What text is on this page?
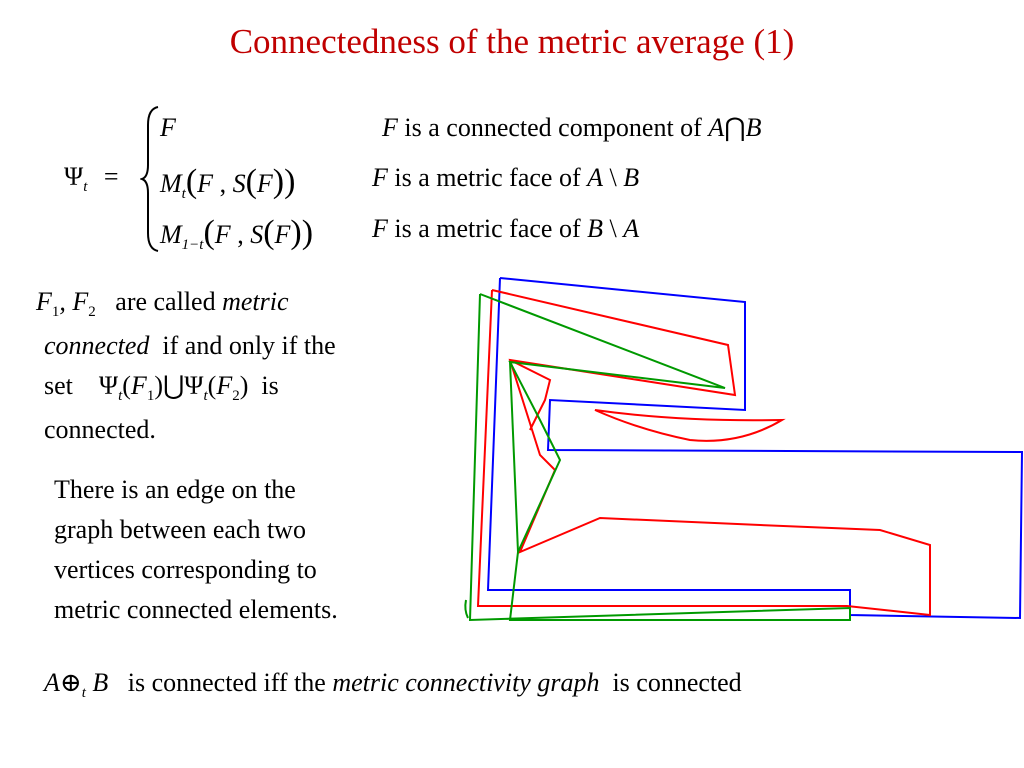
Connectedness of the metric average (1)
$\Psi_t$ =
F	F is a connected component of A⋂B
$M_t(F$ , S(F))	F is a metric face of A \ B
$M_{1-t}(F$ , S(F)) F is a metric face of B \ A
$F_1$, $F_2$ are called metric
connected  if and only if the
set    $\Psi_t(F_1)⋃\Psi_t(F_2)$  is
connected.
There is an edge on the
graph between each two
vertices corresponding to
metric connected elements.
$A\oplus_t$ B is connected iff the metric connectivity graph is connected
